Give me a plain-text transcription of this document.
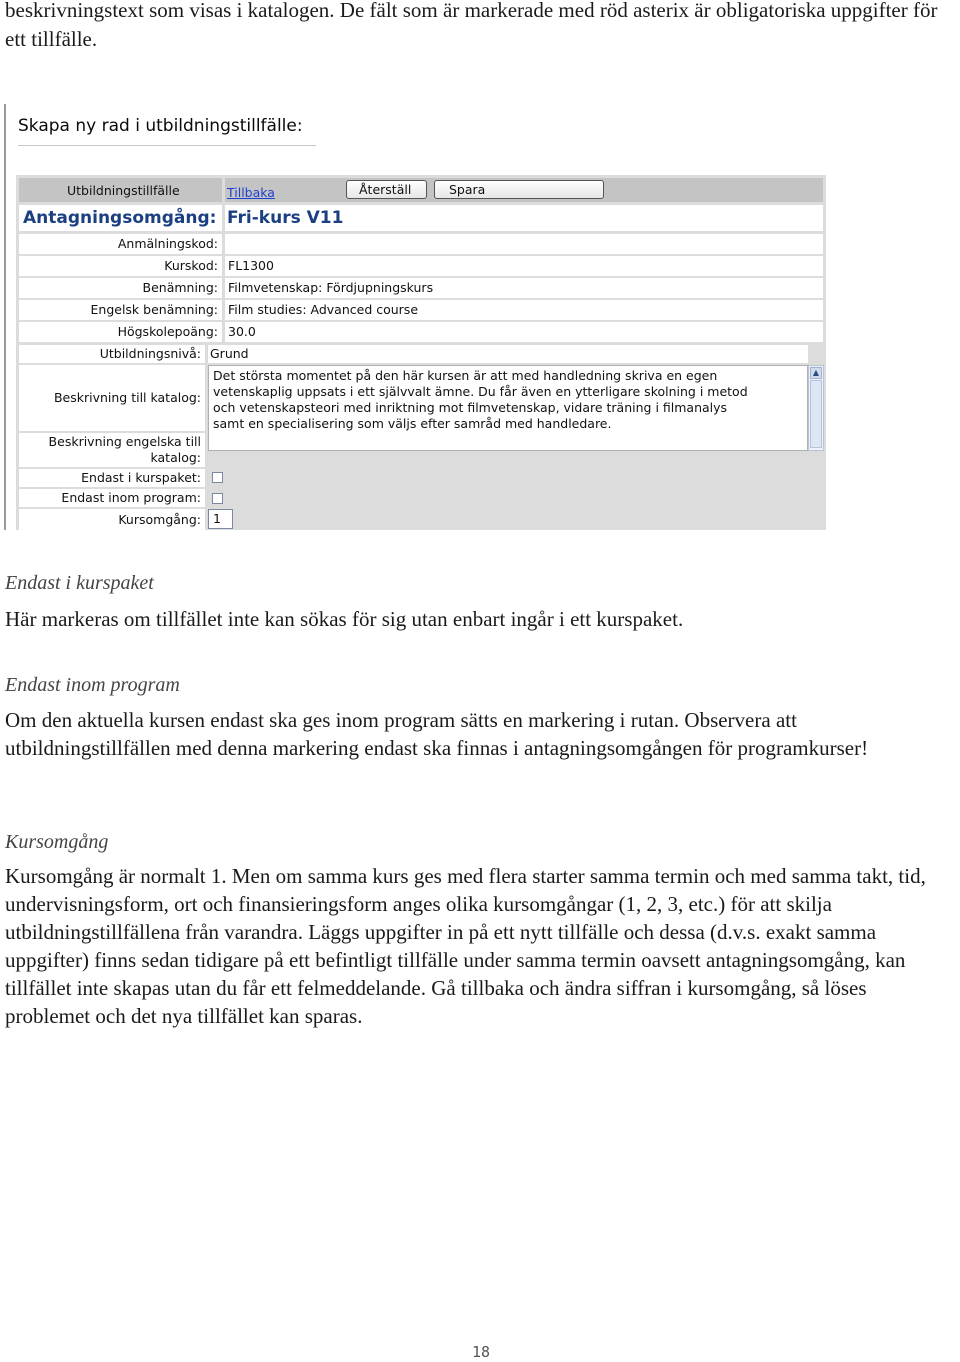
beskrivningstext som visas i katalogen. De fält som är markerade med röd asterix är obligatoriska uppgifter för ett tillfälle.
Skapa ny rad i utbildningstillfälle:
Utbildningstillfälle	Tillbaka	Återställ	Spara
Antagningsomgång: Fri-kurs V11
Anmälningskod:
Kurskod: FL1300
Benämning: Filmvetenskap: Fördjupningskurs
Engelsk benämning: Film studies: Advanced course
Högskolepoäng: 30.0
Utbildningsnivå: Grund
Beskrivning till katalog:
Det största momentet på den här kursen är att med handledning skriva en egen
vetenskaplig uppsats i ett självvalt ämne. Du får även en ytterligare skolning i metod
och vetenskapsteori med inriktning mot filmvetenskap, vidare träning i filmanalys
samt en specialisering som väljs efter samråd med handledare.
▲
Beskrivning engelska till
katalog:
Endast i kurspaket:
Endast inom program:
Kursomgång: 1
Endast i kurspaket
Här markeras om tillfället inte kan sökas för sig utan enbart ingår i ett kurspaket.
Endast inom program
Om den aktuella kursen endast ska ges inom program sätts en markering i rutan. Observera att utbildningstillfällen med denna markering endast ska finnas i antagningsomgången för programkurser!
Kursomgång
Kursomgång är normalt 1. Men om samma kurs ges med flera starter samma termin och med samma takt, tid, undervisningsform, ort och finansieringsform anges olika kursomgångar (1, 2, 3, etc.) för att skilja utbildningstillfällena från varandra. Läggs uppgifter in på ett nytt tillfälle och dessa (d.v.s. exakt samma uppgifter) finns sedan tidigare på ett befintligt tillfälle under samma termin oavsett antagningsomgång, kan tillfället inte skapas utan du får ett felmeddelande. Gå tillbaka och ändra siffran i kursomgång, så löses problemet och det nya tillfället kan sparas.
18
